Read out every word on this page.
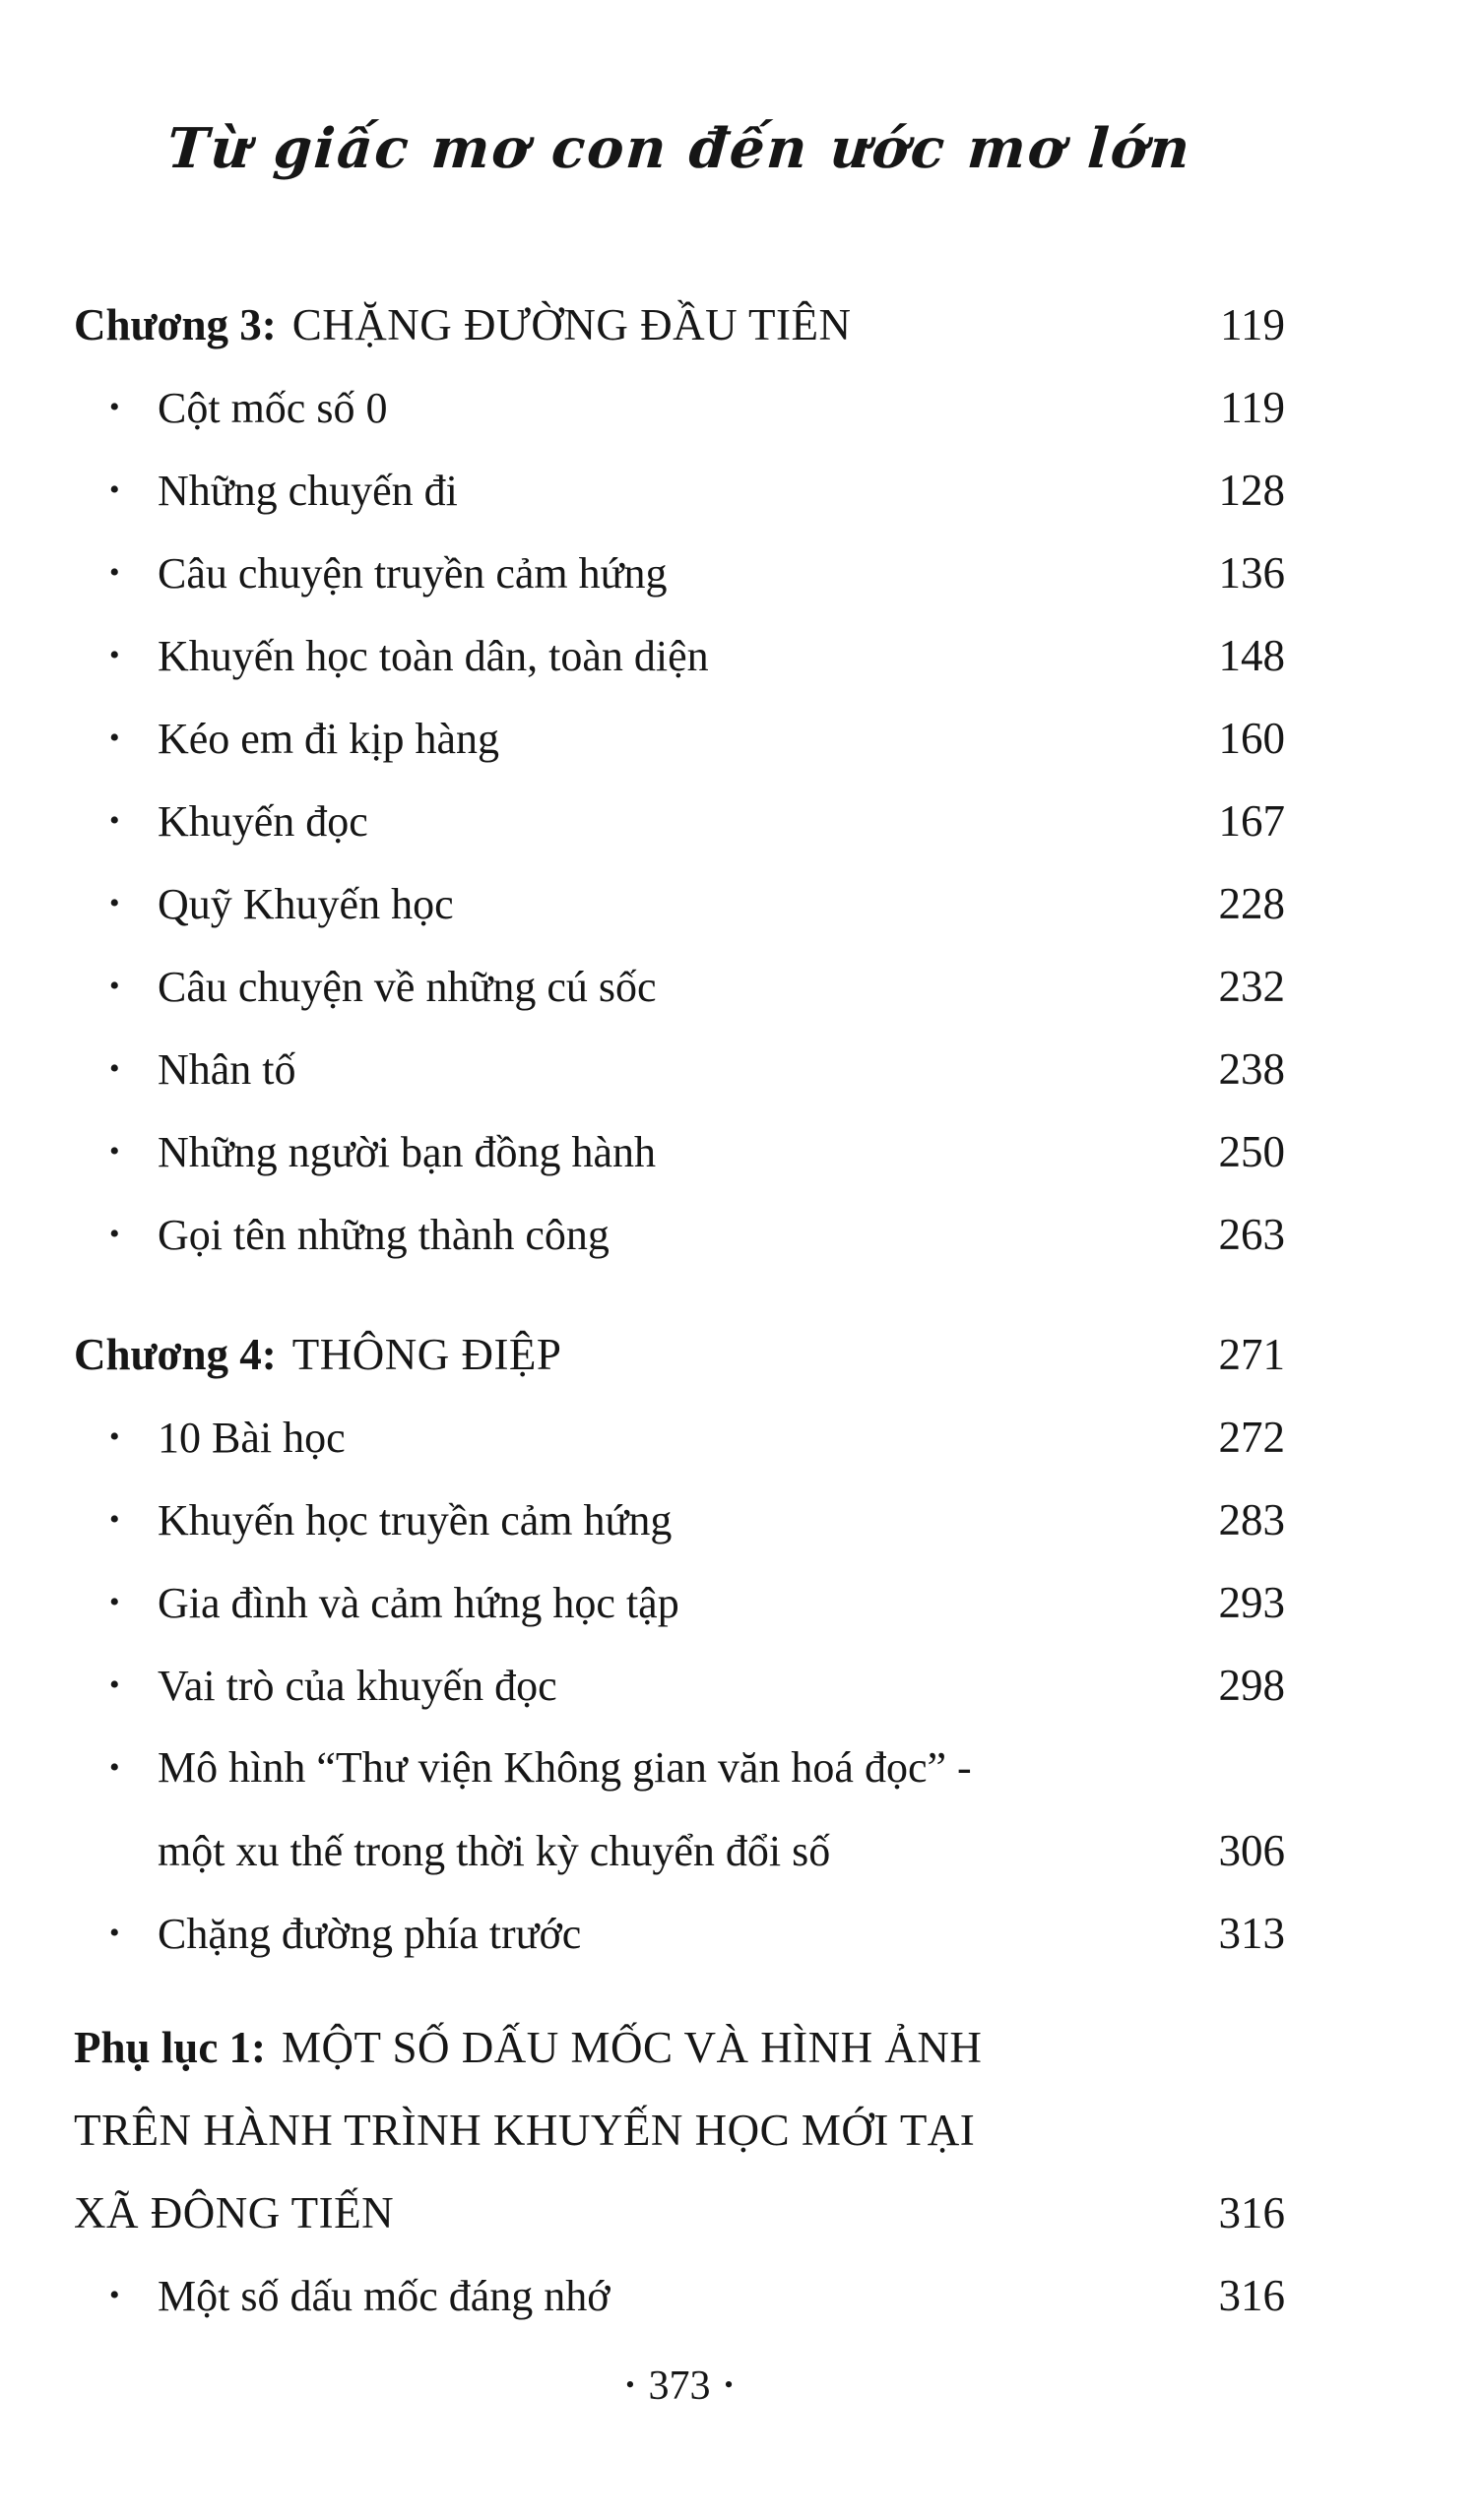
Từ giấc mơ con đến ước mơ lớn
Chương 3: CHẶNG ĐƯỜNG ĐẦU TIÊN	119
• Cột mốc số 0	119
• Những chuyến đi	128
• Câu chuyện truyền cảm hứng	136
• Khuyến học toàn dân, toàn diện	148
• Kéo em đi kịp hàng	160
• Khuyến đọc	167
• Quỹ Khuyến học	228
• Câu chuyện về những cú sốc	232
• Nhân tố	238
• Những người bạn đồng hành	250
• Gọi tên những thành công	263
Chương 4: THÔNG ĐIỆP	271
• 10 Bài học	272
• Khuyến học truyền cảm hứng	283
• Gia đình và cảm hứng học tập	293
• Vai trò của khuyến đọc	298
• Mô hình “Thư viện Không gian văn hoá đọc” -
một xu thế trong thời kỳ chuyển đổi số	306
• Chặng đường phía trước	313
Phụ lục 1: MỘT SỐ DẤU MỐC VÀ HÌNH ẢNH
TRÊN HÀNH TRÌNH KHUYẾN HỌC MỚI TẠI
XÃ ĐÔNG TIẾN	316
• Một số dấu mốc đáng nhớ	316
• 373 •
